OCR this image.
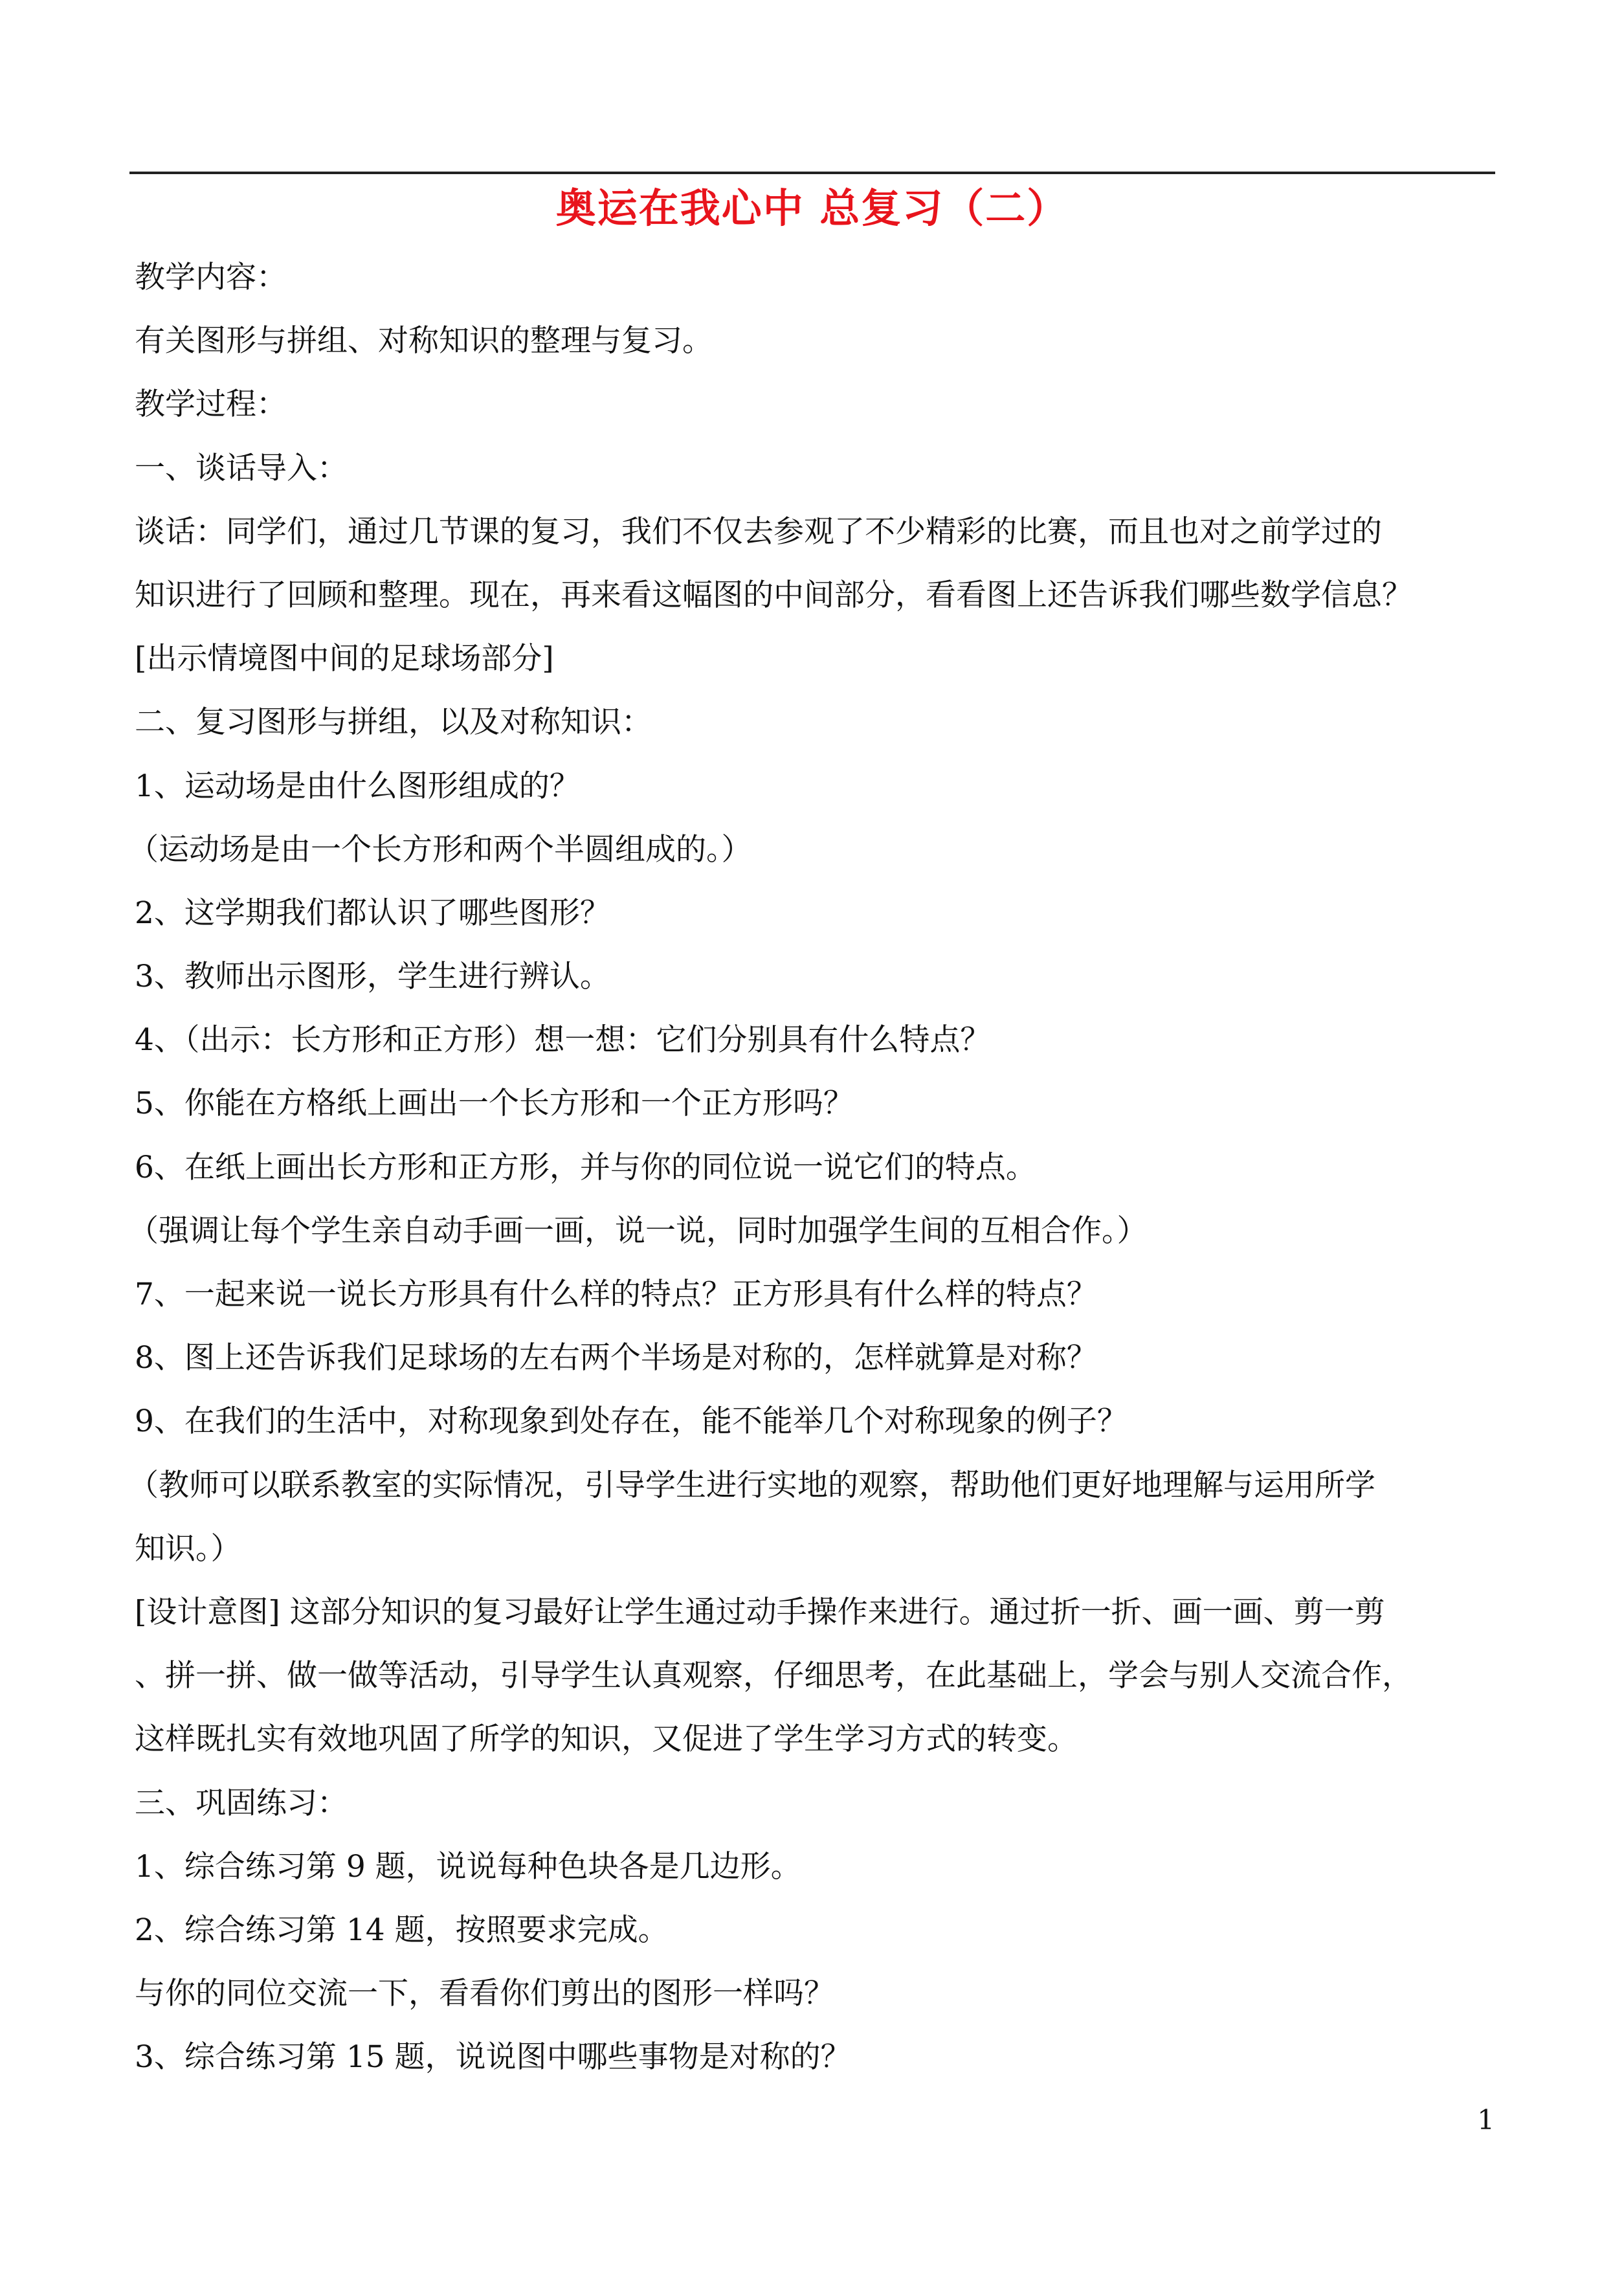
奥运在我心中 总复习（二）
教学内容：
有关图形与拼组、对称知识的整理与复习。
教学过程：
一、谈话导入：
谈话：同学们，通过几节课的复习，我们不仅去参观了不少精彩的比赛，而且也对之前学过的
知识进行了回顾和整理。现在，再来看这幅图的中间部分，看看图上还告诉我们哪些数学信息？
[出示情境图中间的足球场部分]
二、复习图形与拼组，以及对称知识：
1、运动场是由什么图形组成的？
（运动场是由一个长方形和两个半圆组成的。）
2、这学期我们都认识了哪些图形？
3、教师出示图形，学生进行辨认。
4、（出示：长方形和正方形）想一想：它们分别具有什么特点？
5、你能在方格纸上画出一个长方形和一个正方形吗？
6、在纸上画出长方形和正方形，并与你的同位说一说它们的特点。
（强调让每个学生亲自动手画一画，说一说，同时加强学生间的互相合作。）
7、一起来说一说长方形具有什么样的特点？正方形具有什么样的特点？
8、图上还告诉我们足球场的左右两个半场是对称的，怎样就算是对称？
9、在我们的生活中，对称现象到处存在，能不能举几个对称现象的例子？
（教师可以联系教室的实际情况，引导学生进行实地的观察，帮助他们更好地理解与运用所学
知识。）
[设计意图] 这部分知识的复习最好让学生通过动手操作来进行。通过折一折、画一画、剪一剪
、拼一拼、做一做等活动，引导学生认真观察，仔细思考，在此基础上，学会与别人交流合作，
这样既扎实有效地巩固了所学的知识，又促进了学生学习方式的转变。
三、巩固练习：
1、综合练习第 9 题，说说每种色块各是几边形。
2、综合练习第 14 题，按照要求完成。
与你的同位交流一下，看看你们剪出的图形一样吗？
3、综合练习第 15 题，说说图中哪些事物是对称的？
1
